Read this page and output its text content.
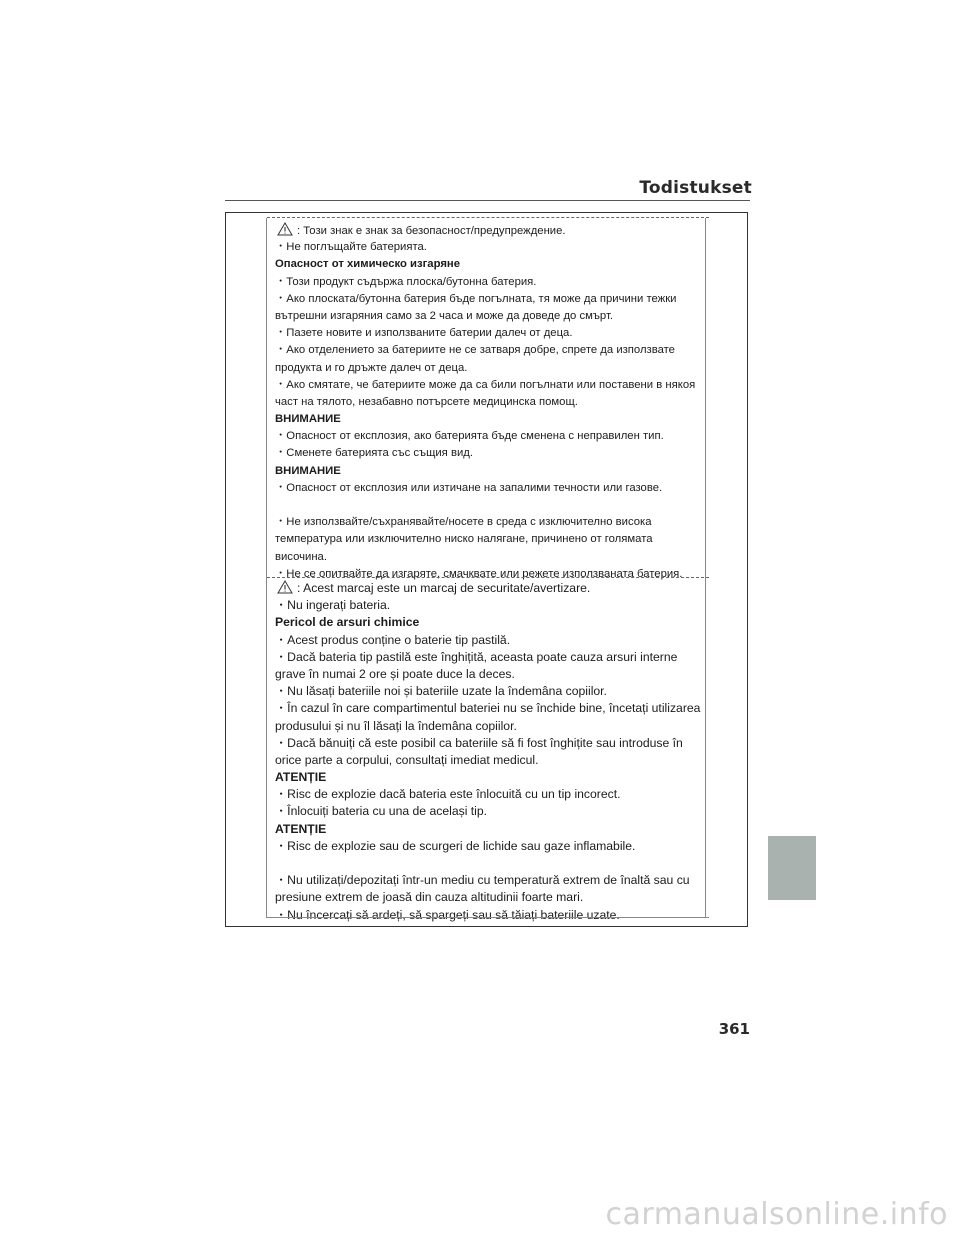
Todistukset
: Този знак е знак за безопасност/предупреждение.
・Не поглъщайте батерията.
Опасност от химическо изгаряне
・Този продукт съдържа плоска/бутонна батерия.
・Ако плоската/бутонна батерия бъде погълната, тя може да причини тежки
вътрешни изгаряния само за 2 часа и може да доведе до смърт.
・Пазете новите и използваните батерии далеч от деца.
・Ако отделението за батериите не се затваря добре, спрете да използвате
продукта и го дръжте далеч от деца.
・Ако смятате, че батериите може да са били погълнати или поставени в някоя
част на тялото, незабавно потърсете медицинска помощ.
ВНИМАНИЕ
・Опасност от експлозия, ако батерията бъде сменена с неправилен тип.
・Сменете батерията със същия вид.
ВНИМАНИЕ
・Опасност от експлозия или изтичане на запалими течности или газове.
・Не използвайте/съхранявайте/носете в среда с изключително висока
температура или изключително ниско налягане, причинено от голямата
височина.
・Не се опитвайте да изгаряте, смачквате или режете използваната батерия.
: Acest marcaj este un marcaj de securitate/avertizare.
・Nu ingerați bateria.
Pericol de arsuri chimice
・Acest produs conține o baterie tip pastilă.
・Dacă bateria tip pastilă este înghițită, aceasta poate cauza arsuri interne
grave în numai 2 ore și poate duce la deces.
・Nu lăsați bateriile noi și bateriile uzate la îndemâna copiilor.
・În cazul în care compartimentul bateriei nu se închide bine, încetați utilizarea
produsului și nu îl lăsați la îndemâna copiilor.
・Dacă bănuiți că este posibil ca bateriile să fi fost înghițite sau introduse în
orice parte a corpului, consultați imediat medicul.
ATENȚIE
・Risc de explozie dacă bateria este înlocuită cu un tip incorect.
・Înlocuiți bateria cu una de același tip.
ATENȚIE
・Risc de explozie sau de scurgeri de lichide sau gaze inflamabile.
・Nu utilizați/depozitați într-un mediu cu temperatură extrem de înaltă sau cu
presiune extrem de joasă din cauza altitudinii foarte mari.
・Nu încercați să ardeți, să spargeți sau să tăiați bateriile uzate.
361
carmanualsonline.info
